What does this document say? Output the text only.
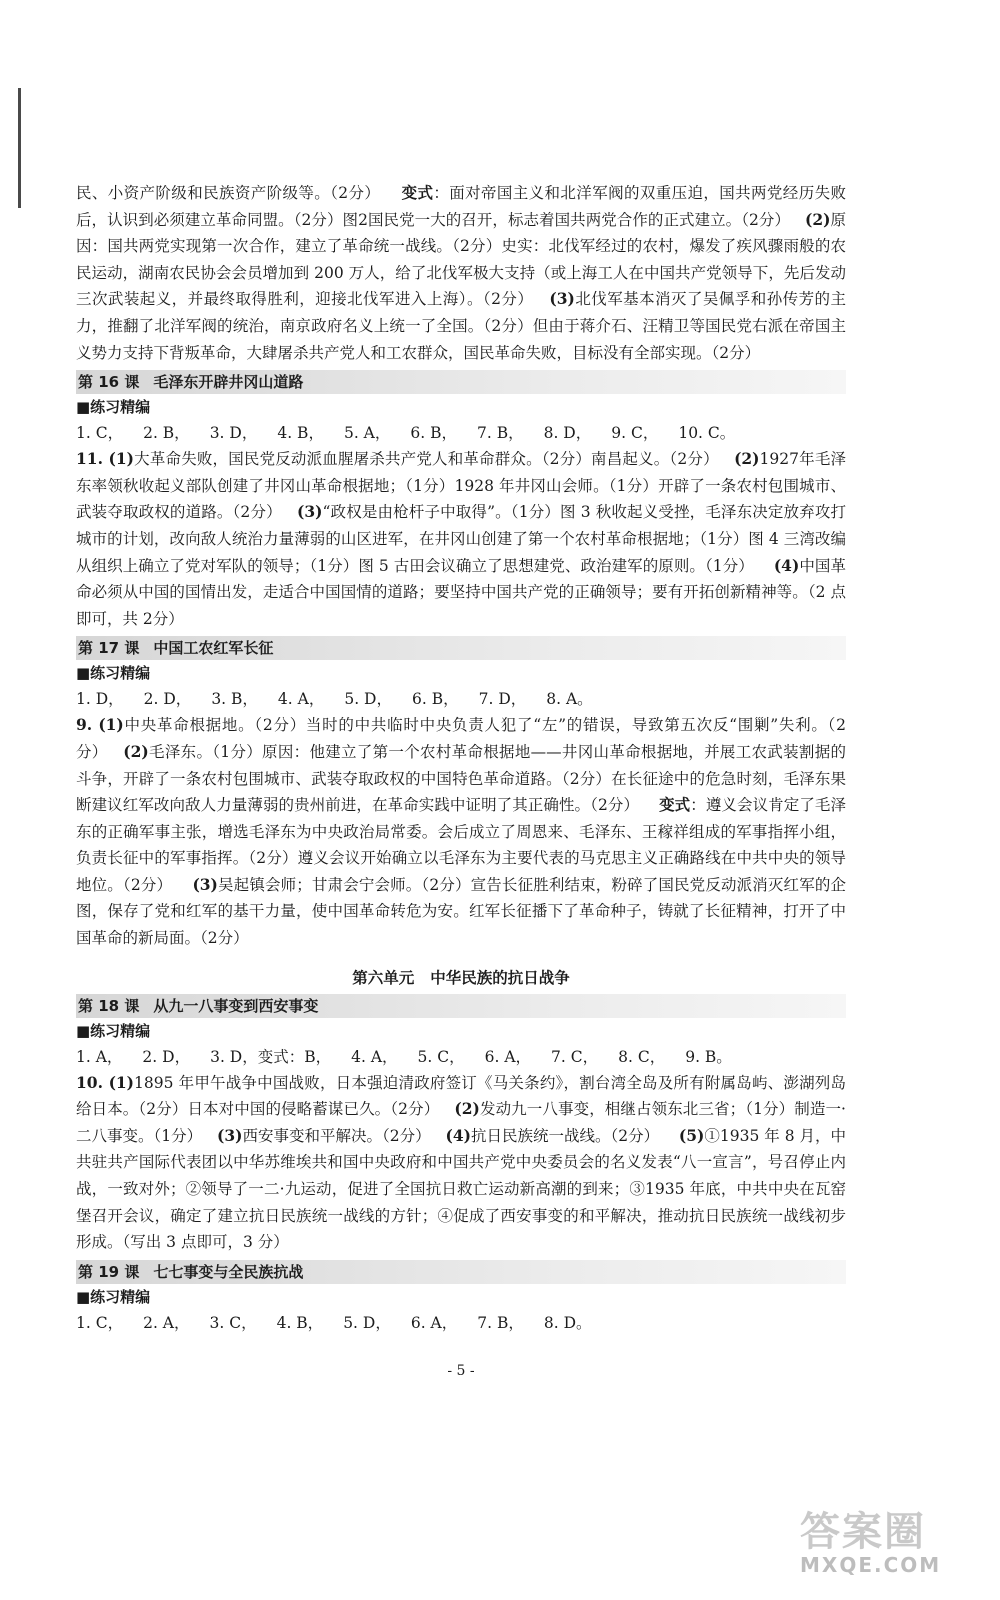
民、小资产阶级和民族资产阶级等。（2分） 变式：面对帝国主义和北洋军阀的双重压迫，国共两党经历失败后，认识到必须建立革命同盟。（2分）图2国民党一大的召开，标志着国共两党合作的正式建立。（2分） (2)原因：国共两党实现第一次合作，建立了革命统一战线。（2分）史实：北伐军经过的农村，爆发了疾风骤雨般的农民运动，湖南农民协会会员增加到 200 万人，给了北伐军极大支持（或上海工人在中国共产党领导下，先后发动三次武装起义，并最终取得胜利，迎接北伐军进入上海）。（2分） (3)北伐军基本消灭了吴佩孚和孙传芳的主力，推翻了北洋军阀的统治，南京政府名义上统一了全国。（2分）但由于蒋介石、汪精卫等国民党右派在帝国主义势力支持下背叛革命，大肆屠杀共产党人和工农群众，国民革命失败，目标没有全部实现。（2分）

第 16 课 毛泽东开辟井冈山道路
■练习精编
1. C， 2. B， 3. D， 4. B， 5. A， 6. B， 7. B， 8. D， 9. C， 10. C。

11. (1)大革命失败，国民党反动派血腥屠杀共产党人和革命群众。（2分）南昌起义。（2分） (2)1927年毛泽东率领秋收起义部队创建了井冈山革命根据地；（1分）1928 年井冈山会师。（1分）开辟了一条农村包围城市、武装夺取政权的道路。（2分） (3)“政权是由枪杆子中取得”。（1分）图 3 秋收起义受挫，毛泽东决定放弃攻打城市的计划，改向敌人统治力量薄弱的山区进军，在井冈山创建了第一个农村革命根据地；（1分）图 4 三湾改编从组织上确立了党对军队的领导；（1分）图 5 古田会议确立了思想建党、政治建军的原则。（1分） (4)中国革命必须从中国的国情出发，走适合中国国情的道路；要坚持中国共产党的正确领导；要有开拓创新精神等。（2 点即可，共 2分）

第 17 课 中国工农红军长征
■练习精编
1. D， 2. D， 3. B， 4. A， 5. D， 6. B， 7. D， 8. A。

9. (1)中央革命根据地。（2分）当时的中共临时中央负责人犯了“左”的错误，导致第五次反“围剿”失利。（2分） (2)毛泽东。（1分）原因：他建立了第一个农村革命根据地——井冈山革命根据地，并展工农武装割据的斗争，开辟了一条农村包围城市、武装夺取政权的中国特色革命道路。（2分）在长征途中的危急时刻，毛泽东果断建议红军改向敌人力量薄弱的贵州前进，在革命实践中证明了其正确性。（2分） 变式：遵义会议肯定了毛泽东的正确军事主张，增选毛泽东为中央政治局常委。会后成立了周恩来、毛泽东、王稼祥组成的军事指挥小组，负责长征中的军事指挥。（2分）遵义会议开始确立以毛泽东为主要代表的马克思主义正确路线在中共中央的领导地位。（2分） (3)吴起镇会师；甘肃会宁会师。（2分）宣告长征胜利结束，粉碎了国民党反动派消灭红军的企图，保存了党和红军的基干力量，使中国革命转危为安。红军长征播下了革命种子，铸就了长征精神，打开了中国革命的新局面。（2分）

第六单元 中华民族的抗日战争
第 18 课 从九一八事变到西安事变
■练习精编
1. A， 2. D， 3. D，变式：B， 4. A， 5. C， 6. A， 7. C， 8. C， 9. B。

10. (1)1895 年甲午战争中国战败，日本强迫清政府签订《马关条约》，割台湾全岛及所有附属岛屿、澎湖列岛给日本。（2分）日本对中国的侵略蓄谋已久。（2分） (2)发动九一八事变，相继占领东北三省；（1分）制造一·二八事变。（1分） (3)西安事变和平解决。（2分） (4)抗日民族统一战线。（2分） (5)①1935 年 8 月，中共驻共产国际代表团以中华苏维埃共和国中央政府和中国共产党中央委员会的名义发表“八一宣言”，号召停止内战，一致对外；②领导了一二·九运动，促进了全国抗日救亡运动新高潮的到来；③1935 年底，中共中央在瓦窑堡召开会议，确定了建立抗日民族统一战线的方针；④促成了西安事变的和平解决，推动抗日民族统一战线初步形成。（写出 3 点即可，3 分）

第 19 课 七七事变与全民族抗战
■练习精编
1. C， 2. A， 3. C， 4. B， 5. D， 6. A， 7. B， 8. D。
- 5 -
答案圈
MXQE.COM
